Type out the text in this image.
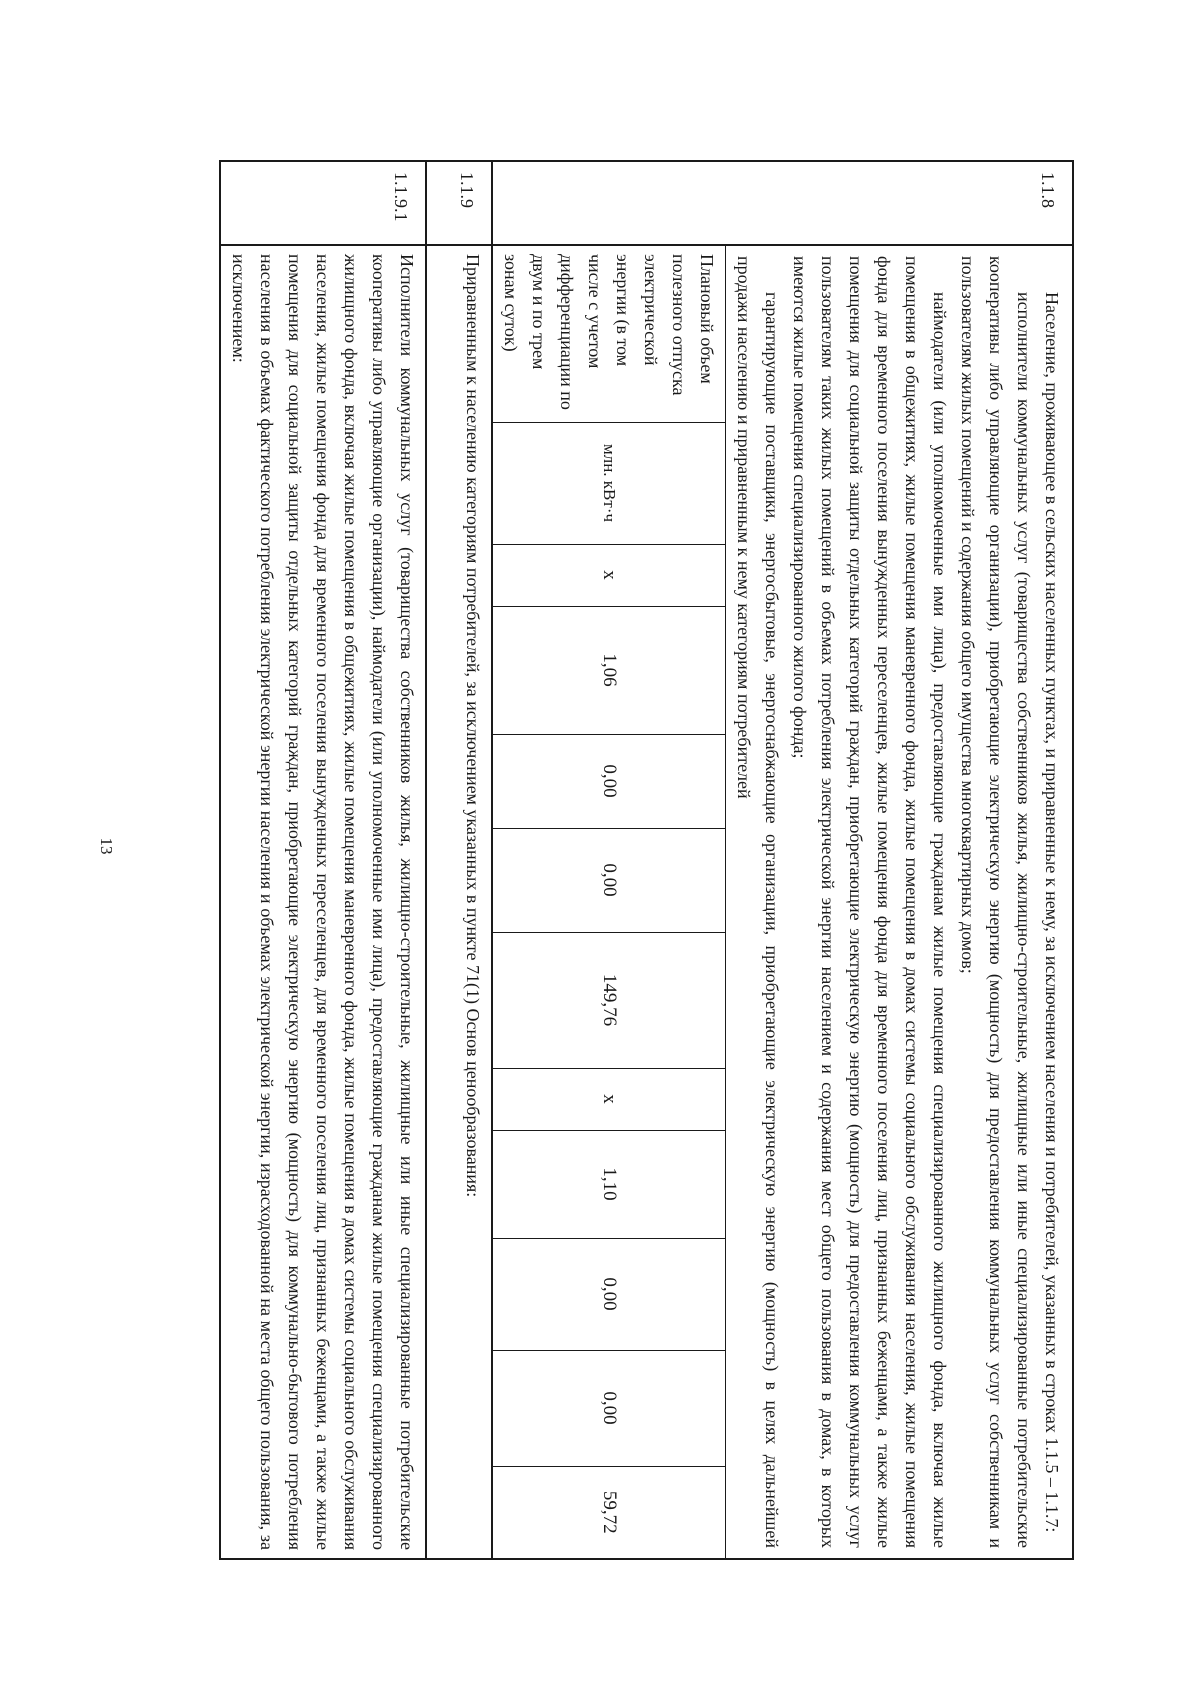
13
1.1.8	

Население, проживающее в сельских населенных пунктах, и приравненные к нему, за исключением населения и потребителей, указанных в строках 1.1.5 – 1.1.7:

исполнители коммунальных услуг (товарищества собственников жилья, жилищно-строительные, жилищные или иные специализированные потребительские кооперативы либо управляющие организации), приобретающие электрическую энергию (мощность) для предоставления коммунальных услуг собственникам и пользователям жилых помещений и содержания общего имущества многоквартирных домов;

наймодатели (или уполномоченные ими лица), предоставляющие гражданам жилые помещения специализированного жилищного фонда, включая жилые помещения в общежитиях, жилые помещения маневренного фонда, жилые помещения в домах системы социального обслуживания населения, жилые помещения фонда для временного поселения вынужденных переселенцев, жилые помещения фонда для временного поселения лиц, признанных беженцами, а также жилые помещения для социальной защиты отдельных категорий граждан, приобретающие электрическую энергию (мощность) для предоставления коммунальных услуг пользователям таких жилых помещений в объемах потребления электрической энергии населением и содержания мест общего пользования в домах, в которых имеются жилые помещения специализированного жилого фонда;

гарантирующие поставщики, энергосбытовые, энергоснабжающие организации, приобретающие электрическую энергию (мощность) в целях дальнейшей продажи населению и приравненным к нему категориям потребителей

Плановый объем полезного отпуска электрической энергии (в том числе с учетом дифференциации по двум и по трем зонам суток)	млн. кВт·ч	х	1,06	0,00	0,00	149,76	х	1,10	0,00	0,00	59,72

1.1.9	Приравненным к населению категориям потребителей, за исключением указанных в пункте 71(1) Основ ценообразования:
1.1.9.1	Исполнители коммунальных услуг (товарищества собственников жилья, жилищно-строительные, жилищные или иные специализированные потребительские кооперативы либо управляющие организации), наймодатели (или уполномоченные ими лица), предоставляющие гражданам жилые помещения специализированного жилищного фонда, включая жилые помещения в общежитиях, жилые помещения маневренного фонда, жилые помещения в домах системы социального обслуживания населения, жилые помещения фонда для временного поселения вынужденных переселенцев, для временного поселения лиц, признанных беженцами, а также жилые помещения для социальной защиты отдельных категорий граждан, приобретающие электрическую энергию (мощность) для коммунально-бытового потребления населения в объемах фактического потребления электрической энергии населения и объемах электрической энергии, израсходованной на места общего пользования, за исключением:
